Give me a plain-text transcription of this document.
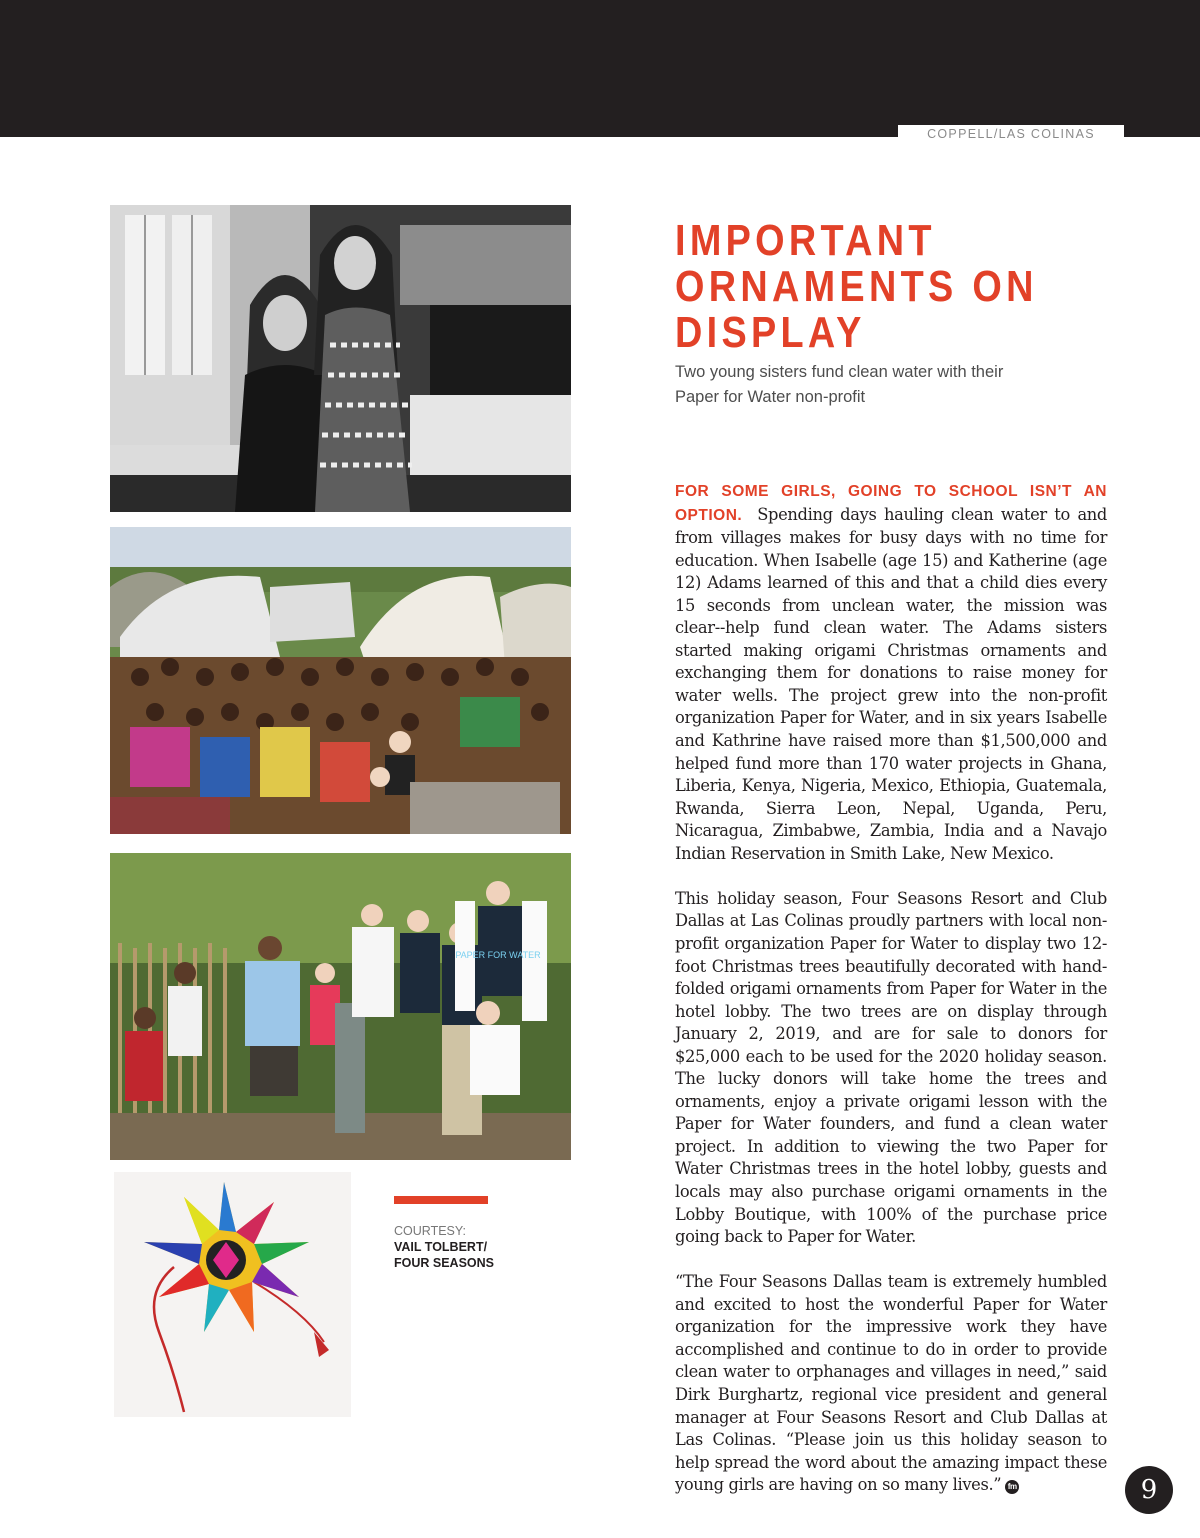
COPPELL/LAS COLINAS
PAPER FOR WATER
COURTESY:
VAIL TOLBERT/
FOUR SEASONS
IMPORTANT
ORNAMENTS ON
DISPLAY
Two young sisters fund clean water with their Paper for Water non-profit

FOR SOME GIRLS, GOING TO SCHOOL ISN’T AN OPTION. Spending days hauling clean water to and from villages makes for busy days with no time for education. When Isabelle (age 15) and Katherine (age 12) Adams learned of this and that a child dies every 15 seconds from unclean water, the mission was clear--help fund clean water. The Adams sisters started making origami Christmas ornaments and exchanging them for donations to raise money for water wells. The project grew into the non-profit organization Paper for Water, and in six years Isabelle and Kathrine have raised more than $1,500,000 and helped fund more than 170 water projects in Ghana, Liberia, Kenya, Nigeria, Mexico, Ethiopia, Guatemala, Rwanda, Sierra Leon, Nepal, Uganda, Peru, Nicaragua, Zimbabwe, Zambia, India and a Navajo Indian Reservation in Smith Lake, New Mexico.

This holiday season, Four Seasons Resort and Club Dallas at Las Colinas proudly partners with local non-profit organization Paper for Water to display two 12-foot Christmas trees beautifully decorated with hand-folded origami ornaments from Paper for Water in the hotel lobby. The two trees are on display through January 2, 2019, and are for sale to donors for $25,000 each to be used for the 2020 holiday season. The lucky donors will take home the trees and ornaments, enjoy a private origami lesson with the Paper for Water founders, and fund a clean water project. In addition to viewing the two Paper for Water Christmas trees in the hotel lobby, guests and locals may also purchase origami ornaments in the Lobby Boutique, with 100% of the purchase price going back to Paper for Water.

“The Four Seasons Dallas team is extremely humbled and excited to host the wonderful Paper for Water organization for the impressive work they have accomplished and continue to do in order to provide clean water to orphanages and villages in need,” said Dirk Burghartz, regional vice president and general manager at Four Seasons Resort and Club Dallas at Las Colinas. “Please join us this holiday season to help spread the word about the amazing impact these young girls are having on so many lives.” fm	9
